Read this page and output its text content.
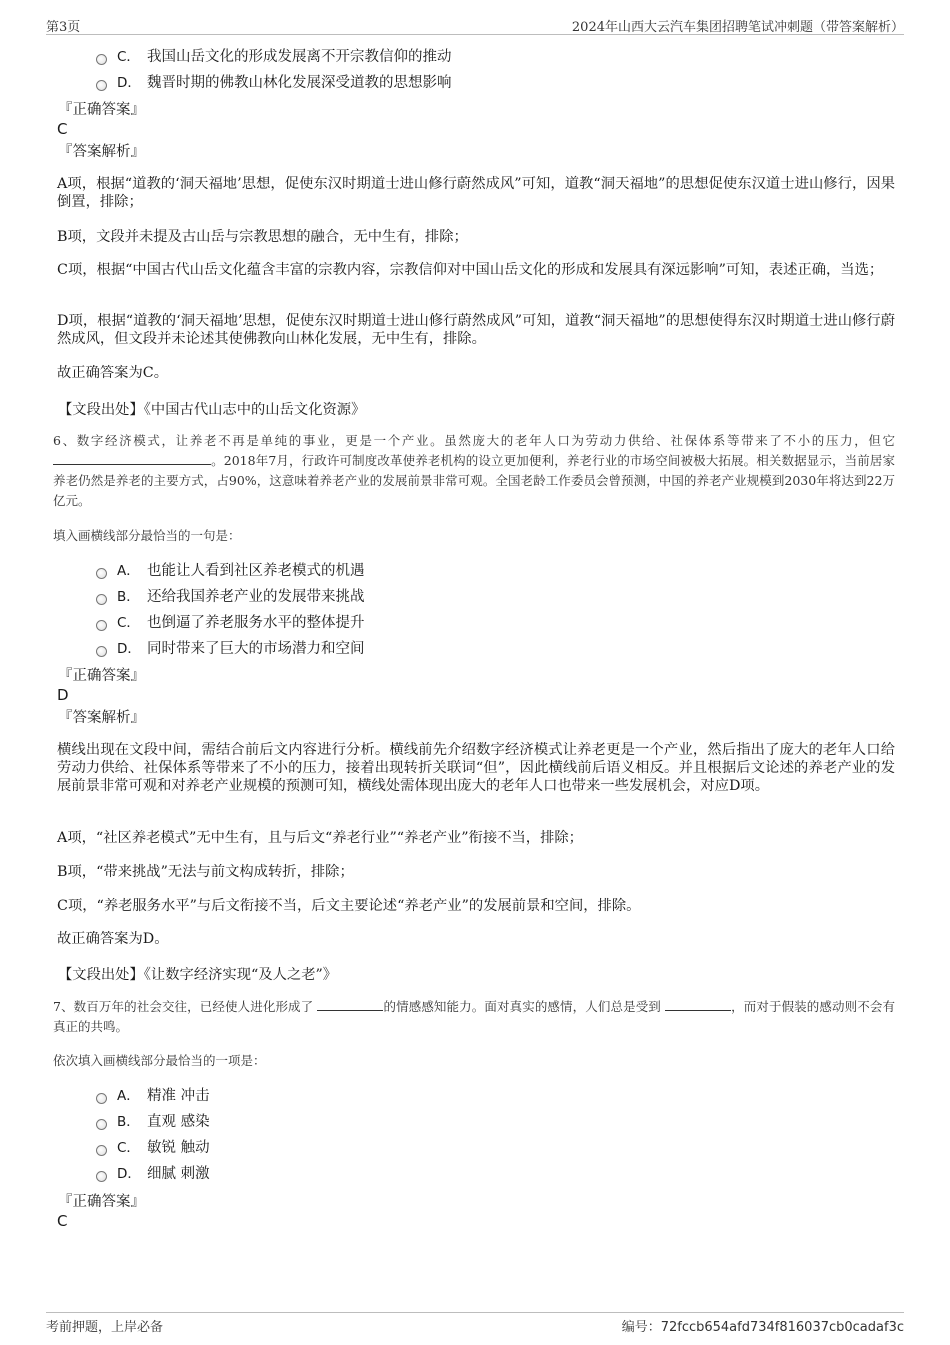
第3页	2024年山西大云汽车集团招聘笔试冲刺题（带答案解析）
C． 我国山岳文化的形成发展离不开宗教信仰的推动
D． 魏晋时期的佛教山林化发展深受道教的思想影响
『正确答案』
C
『答案解析』
A项，根据“道教的‘洞天福地’思想，促使东汉时期道士进山修行蔚然成风”可知，道教“洞天福地”的思想促使东汉道士进山修行，因果倒置，排除；
B项，文段并未提及古山岳与宗教思想的融合，无中生有，排除；
C项，根据“中国古代山岳文化蕴含丰富的宗教内容，宗教信仰对中国山岳文化的形成和发展具有深远影响”可知，表述正确，当选；
D项，根据“道教的‘洞天福地’思想，促使东汉时期道士进山修行蔚然成风”可知，道教“洞天福地”的思想使得东汉时期道士进山修行蔚然成风，但文段并未论述其使佛教向山林化发展，无中生有，排除。
故正确答案为C。
【文段出处】《中国古代山志中的山岳文化资源》
6、数字经济模式，让养老不再是单纯的事业，更是一个产业。虽然庞大的老年人口为劳动力供给、社保体系等带来了不小的压力，但它。2018年7月，行政许可制度改革使养老机构的设立更加便利，养老行业的市场空间被极大拓展。相关数据显示，当前居家养老仍然是养老的主要方式，占90%，这意味着养老产业的发展前景非常可观。全国老龄工作委员会曾预测，中国的养老产业规模到2030年将达到22万亿元。
填入画横线部分最恰当的一句是：
A． 也能让人看到社区养老模式的机遇
B． 还给我国养老产业的发展带来挑战
C． 也倒逼了养老服务水平的整体提升
D． 同时带来了巨大的市场潜力和空间
『正确答案』
D
『答案解析』
横线出现在文段中间，需结合前后文内容进行分析。横线前先介绍数字经济模式让养老更是一个产业，然后指出了庞大的老年人口给劳动力供给、社保体系等带来了不小的压力，接着出现转折关联词“但”，因此横线前后语义相反。并且根据后文论述的养老产业的发展前景非常可观和对养老产业规模的预测可知，横线处需体现出庞大的老年人口也带来一些发展机会，对应D项。
A项，“社区养老模式”无中生有，且与后文“养老行业”“养老产业”衔接不当，排除；
B项，“带来挑战”无法与前文构成转折，排除；
C项，“养老服务水平”与后文衔接不当，后文主要论述“养老产业”的发展前景和空间，排除。
故正确答案为D。
【文段出处】《让数字经济实现“及人之老”》
7、数百万年的社会交往，已经使人进化形成了	的情感感知能力。面对真实的感情，人们总是受到	，而对于假装的感动则不会有真正的共鸣。
依次填入画横线部分最恰当的一项是：
A． 精准 冲击
B． 直观 感染
C． 敏锐 触动
D． 细腻 刺激
『正确答案』
C
考前押题，上岸必备	编号：72fccb654afd734f816037cb0cadaf3c
